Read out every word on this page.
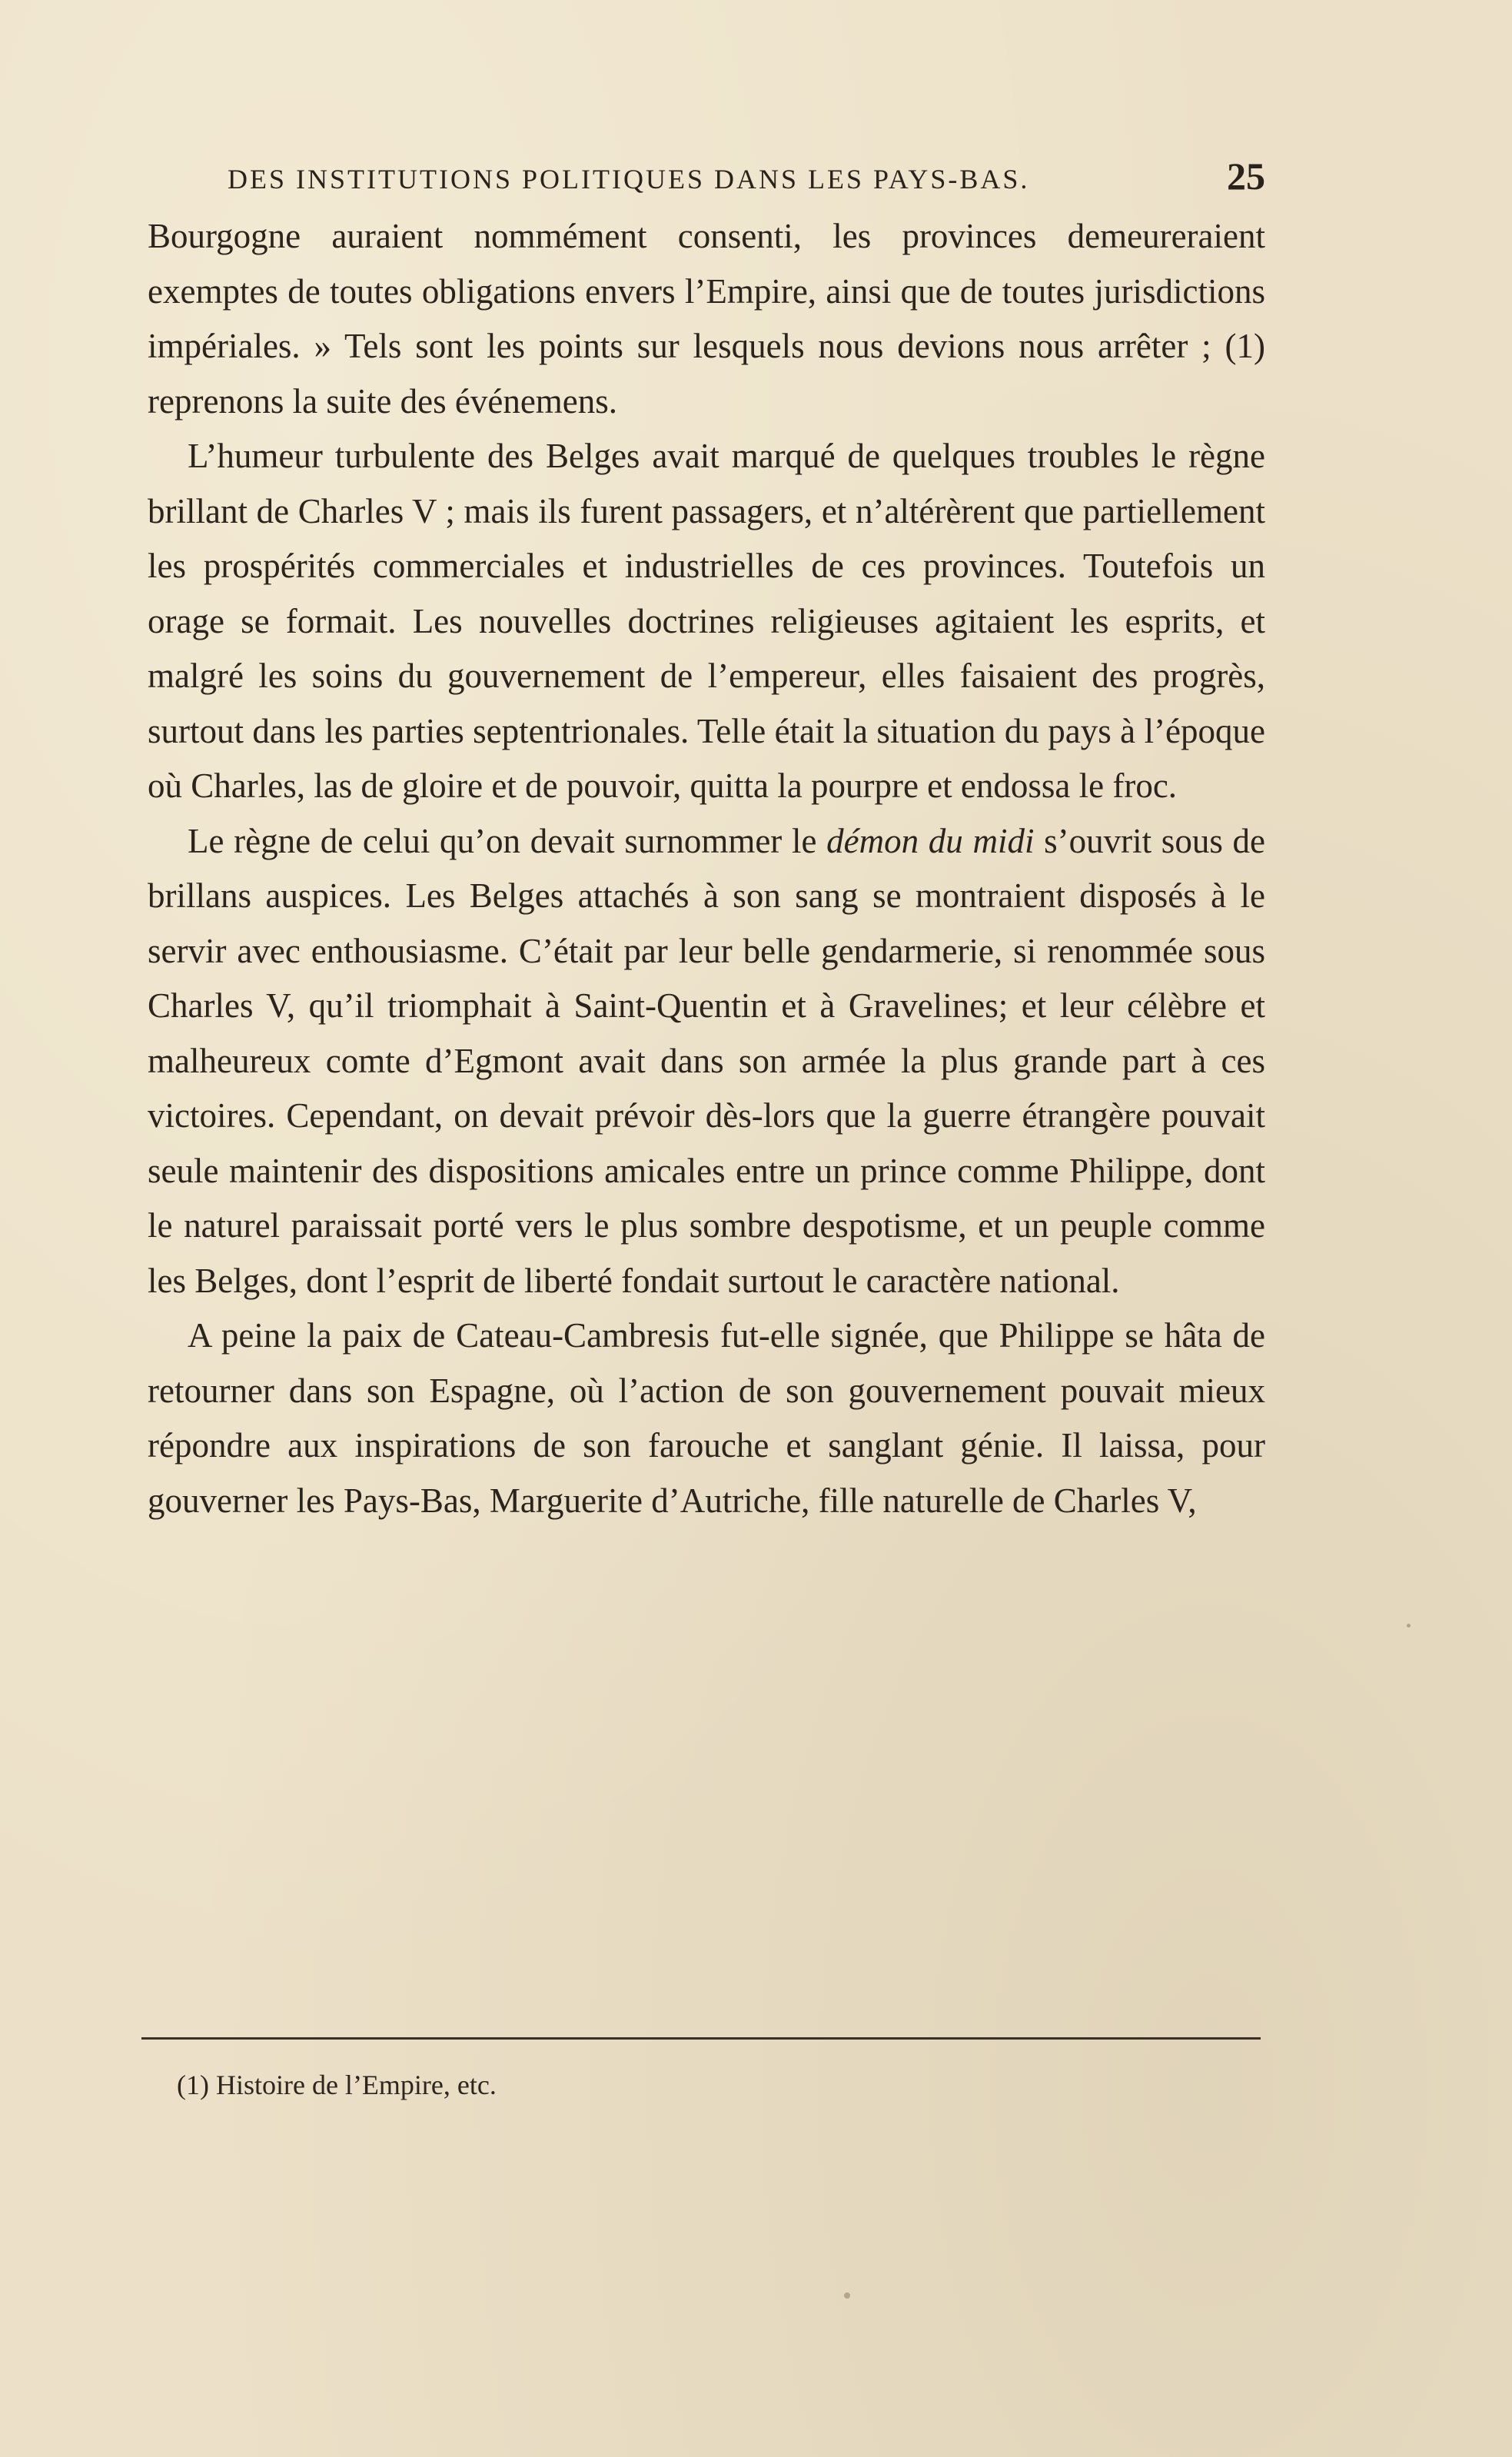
DES INSTITUTIONS POLITIQUES DANS LES PAYS-BAS.	25

Bourgogne auraient nommément consenti, les provinces demeureraient exemptes de toutes obligations envers l’Empire, ainsi que de toutes jurisdictions impériales. » Tels sont les points sur lesquels nous devions nous arrêter ; (1) reprenons la suite des événemens.

L’humeur turbulente des Belges avait marqué de quelques troubles le règne brillant de Charles V ; mais ils furent passagers, et n’altérèrent que partiellement les prospérités commerciales et industrielles de ces provinces. Toutefois un orage se formait. Les nouvelles doctrines religieuses agitaient les esprits, et malgré les soins du gouvernement de l’empereur, elles faisaient des progrès, surtout dans les parties septentrionales. Telle était la situation du pays à l’époque où Charles, las de gloire et de pouvoir, quitta la pourpre et endossa le froc.

Le règne de celui qu’on devait surnommer le démon du midi s’ouvrit sous de brillans auspices. Les Belges attachés à son sang se montraient disposés à le servir avec enthousiasme. C’était par leur belle gendarmerie, si renommée sous Charles V, qu’il triomphait à Saint-Quentin et à Gravelines; et leur célèbre et malheureux comte d’Egmont avait dans son armée la plus grande part à ces victoires. Cependant, on devait prévoir dès-lors que la guerre étrangère pouvait seule maintenir des dispositions amicales entre un prince comme Philippe, dont le naturel paraissait porté vers le plus sombre despotisme, et un peuple comme les Belges, dont l’esprit de liberté fondait surtout le caractère national.

A peine la paix de Cateau-Cambresis fut-elle signée, que Philippe se hâta de retourner dans son Espagne, où l’action de son gouvernement pouvait mieux répondre aux inspirations de son farouche et sanglant génie. Il laissa, pour gouverner les Pays-Bas, Marguerite d’Autriche, fille naturelle de Charles V,

(1) Histoire de l’Empire, etc.
